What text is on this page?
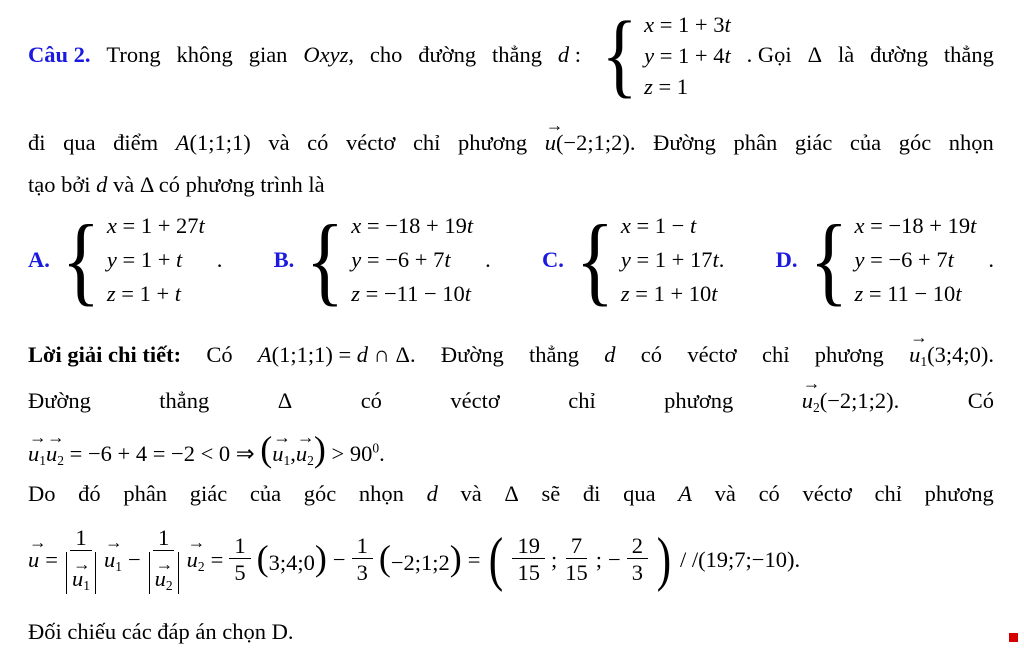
Câu 2. Trong không gian Oxyz, cho đường thẳng d : { x = 1 + 3t
y = 1 + 4t
z = 1
. Gọi Δ là đường thẳng
đi qua điểm A(1;1;1) và có véctơ chỉ phương
→
u(−2;1;2). Đường phân giác của góc nhọn
tạo bởi d và Δ có phương trình là
A. { x = 1 + 27t
y = 1 + t
z = 1 + t
. B. { x = −18 + 19t
y = −6 + 7t
z = −11 − 10t
. C. { x = 1 − t
y = 1 + 17t.
z = 1 + 10t
D. { x = −18 + 19t
y = −6 + 7t
z = 11 − 10t
.
Lời giải chi tiết: Có A(1;1;1) = d ∩ Δ. Đường thẳng d có véctơ chỉ phương
→
$u_1(3;4;0)$.
Đường	thẳng	Δ	có	véctơ	chỉ	phương
→
$u_2(-2;1;2)$.	Có
→
$u_1$
→
$u_2 = -6 + 4 = -2 < 0$ ⇒ ( →
$u_1$,
→
$u_2) > 90^0$.
Do đó phân giác của góc nhọn d và Δ sẽ đi qua A và có véctơ chỉ phương
→
u = 1
→
$u_1$ →
$u_1 - 1$
→
$u_2$ →
$u_2 = \frac{1}{5}$ (3;4;0) − $\frac{1}{3}$ (−2;1;2) = ( $\frac{19}{15}$ ; $\frac{7}{15}$ ; − $\frac{2}{3}$ ) / /(19;7;−10).
Đối chiếu các đáp án chọn D.
